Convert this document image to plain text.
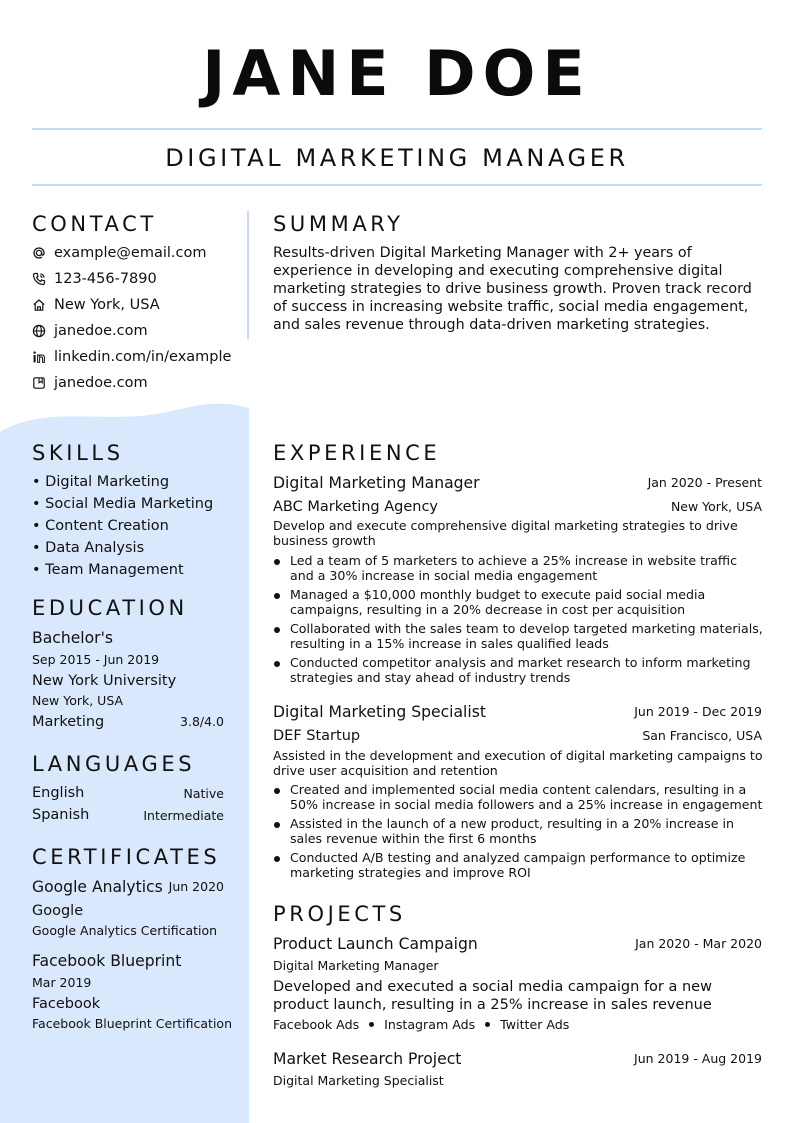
JANE DOE
DIGITAL MARKETING MANAGER
CONTACT
example@email.com
123-456-7890
New York, USA
janedoe.com
linkedin.com/in/example
janedoe.com
SUMMARY
Results-driven Digital Marketing Manager with 2+ years of experience in developing and executing comprehensive digital marketing strategies to drive business growth. Proven track record of success in increasing website traffic, social media engagement, and sales revenue through data-driven marketing strategies.
SKILLS
• Digital Marketing
• Social Media Marketing
• Content Creation
• Data Analysis
• Team Management
EDUCATION
Bachelor's
Sep 2015 - Jun 2019
New York University
New York, USA
Marketing	3.8/4.0
LANGUAGES
English	Native
Spanish	Intermediate
CERTIFICATES
Google Analytics Jun 2020
Google
Google Analytics Certification
Facebook Blueprint
Mar 2019
Facebook
Facebook Blueprint Certification
EXPERIENCE
Digital Marketing Manager	Jan 2020 - Present
ABC Marketing Agency	New York, USA
Develop and execute comprehensive digital marketing strategies to drive business growth
Led a team of 5 marketers to achieve a 25% increase in website traffic and a 30% increase in social media engagement
Managed a $10,000 monthly budget to execute paid social media campaigns, resulting in a 20% decrease in cost per acquisition
Collaborated with the sales team to develop targeted marketing materials, resulting in a 15% increase in sales qualified leads
Conducted competitor analysis and market research to inform marketing strategies and stay ahead of industry trends
Digital Marketing Specialist	Jun 2019 - Dec 2019
DEF Startup	San Francisco, USA
Assisted in the development and execution of digital marketing campaigns to drive user acquisition and retention
Created and implemented social media content calendars, resulting in a 50% increase in social media followers and a 25% increase in engagement
Assisted in the launch of a new product, resulting in a 20% increase in sales revenue within the first 6 months
Conducted A/B testing and analyzed campaign performance to optimize marketing strategies and improve ROI
PROJECTS
Product Launch Campaign	Jan 2020 - Mar 2020
Digital Marketing Manager
Developed and executed a social media campaign for a new product launch, resulting in a 25% increase in sales revenue
Facebook Ads Instagram Ads Twitter Ads
Market Research Project	Jun 2019 - Aug 2019
Digital Marketing Specialist
